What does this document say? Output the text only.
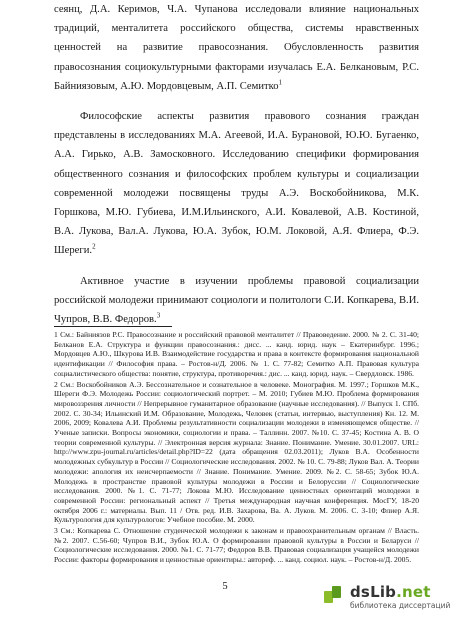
сеянц, Д.А. Керимов, Ч.А. Чупанова исследовали влияние национальных традиций, менталитета российского общества, системы нравственных ценностей на развитие правосознания. Обусловленность развития правосознания социокультурными факторами изучалась Е.А. Белкановым, Р.С. Байниязовым, А.Ю. Мордовцевым, А.П. Семитко$^1$

Философские аспекты развития правового сознания граждан представлены в исследованиях М.А. Агеевой, И.А. Бурановой, Ю.Ю. Бугаенко, А.А. Гирько, А.В. Замосковного. Исследованию специфики формирования общественного сознания и философских проблем культуры и социализации современной молодежи посвящены труды А.Э. Воскобойникова, М.К. Горшкова, М.Ю. Губиева, И.М.Ильинского, А.И. Ковалевой, А.В. Костиной, В.А. Лукова, Вал.А. Лукова, Ю.А. Зубок, Ю.М. Локовой, А.Я. Флиера, Ф.Э. Шереги.$^2$

Активное участие в изучении проблемы правовой социализации российской молодежи принимают социологи и политологи С.И. Копкарева, В.И. Чупров, В.В. Федоров.$^3$

1 См.: Байниязов Р.С. Правосознание и российский правовой менталитет // Правоведение. 2000. № 2. С. 31-40; Белканов Е.А. Структура и функции правосознания.: дисс. ... канд. юрид. наук – Екатеринбург. 1996.; Мордовцев А.Ю., Шкурова И.В. Взаимодействие государства и права в контексте формирования национальной идентификации // Философия права. – Ростов-н/Д. 2006. № 1. С. 77-82; Семитко А.П. Правовая культура социалистического общества: понятие, структура, противоречия.: дис. ... канд. юрид. наук. – Свердловск. 1986.

2 См.: Воскобойников А.Э. Бессознательное и сознательное в человеке. Монография. М. 1997.; Горшков М.К., Шереги Ф.Э. Молодежь России: социологический портрет. – М. 2010; Губиев М.Ю. Проблема формирования мировоззрения личности // Непрерывное гуманитарное образование (научные исследования). // Выпуск 1. СПб. 2002. С. 30-34; Ильинский И.М. Образование, Молодежь, Человек (статьи, интервью, выступления) Кн. 12. М. 2006, 2009; Ковалева А.И. Проблемы результативности социализации молодежи в изменяющемся обществе. // Ученые записки. Вопросы экономики, социологии и права. – Таллинн. 2007. №10. С. 37-45; Костина А. В. О теории современной культуры. // Электронная версия журнала: Знание. Понимание. Умение. 30.01.2007. URL: http://www.zpu-journal.ru/articles/detail.php?ID=22 (дата обращения 02.03.2011); Луков В.А. Особенности молодежных субкультур в России // Социологические исследования. 2002. № 10. С. 79-88; Луков Вал. А. Теории молодежи: апология их неисчерпаемости // Знание. Понимание. Умение. 2009. №2. С. 58-65; Зубок Ю.А. Молодежь в пространстве правовой культуры молодежи в России и Белоруссии // Социологические исследования. 2000. №1. С. 71-77; Локова М.Ю. Исследование ценностных ориентаций молодежи в современной России: региональный аспект // Третья международная научная конференция. МосГУ, 18-20 октября 2006 г.: материалы. Вып. 11 / Отв. ред. И.В. Захарова, Ва. А. Луков. М. 2006. С. 3-10; Флиер А.Я. Культурология для культурологов: Учебное пособие. М. 2000.

3 См.: Копкарева С. Отношение студенческой молодежи к законам и правоохранительным органам // Власть. №2. 2007. С.56-60; Чупров В.И., Зубок Ю.А. О формировании правовой культуры в России и Беларуси // Социологические исследования. 2000. №1. С. 71-77; Федоров В.В. Правовая социализация учащейся молодежи России: факторы формирования и ценностные ориентиры.: автореф. ... канд. социол. наук. – Ростов-н/Д. 2005.

5	dsLib.net
библиотека диссертаций
